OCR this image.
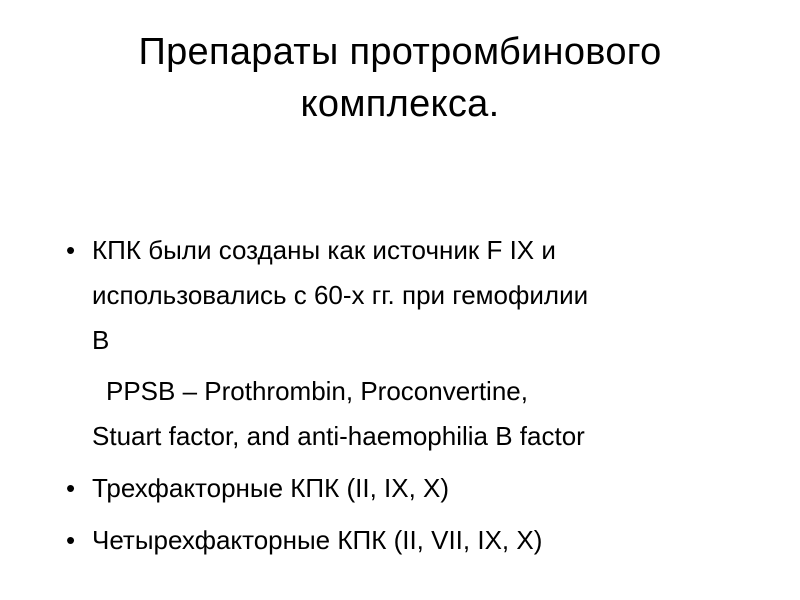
Препараты протромбинового
комплекса.
• КПК были созданы как источник F IX и
использовались с 60-х гг. при гемофилии
В
PPSB – Prothrombin, Proconvertine,
Stuart factor, and anti-haemophilia B factor
• Трехфакторные КПК (II, IX, X)
• Четырехфакторные КПК (II, VII, IX, X)
